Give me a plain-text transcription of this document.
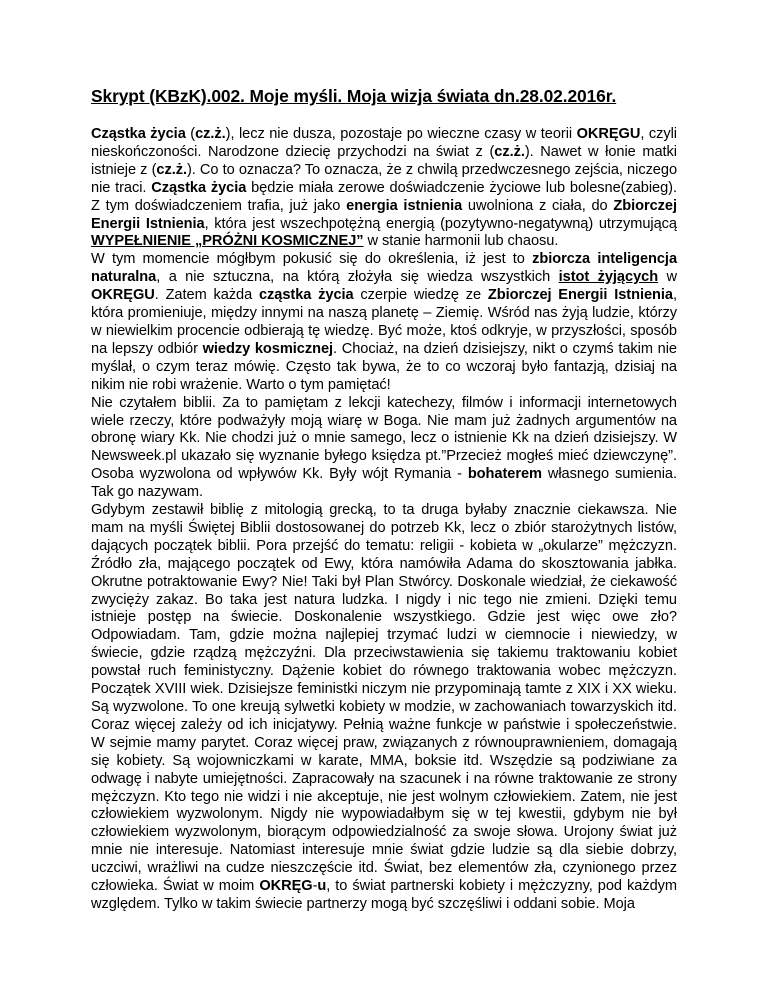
Skrypt (KBzK).002. Moje myśli. Moja wizja świata dn.28.02.2016r.

Cząstka życia (cz.ż.), lecz nie dusza, pozostaje po wieczne czasy w teorii OKRĘGU, czyli nieskończoności. Narodzone dziecię przychodzi na świat z (cz.ż.). Nawet w łonie matki istnieje z (cz.ż.). Co to oznacza? To oznacza, że z chwilą przedwczesnego zejścia, niczego nie traci. Cząstka życia będzie miała zerowe doświadczenie życiowe lub bolesne(zabieg). Z tym doświadczeniem trafia, już jako energia istnienia uwolniona z ciała, do Zbiorczej Energii Istnienia, która jest wszechpotężną energią (pozytywno-negatywną) utrzymującą WYPEŁNIENIE „PRÓŻNI KOSMICZNEJ” w stanie harmonii lub chaosu.

W tym momencie mógłbym pokusić się do określenia, iż jest to zbiorcza inteligencja naturalna, a nie sztuczna, na którą złożyła się wiedza wszystkich istot żyjących w OKRĘGU. Zatem każda cząstka życia czerpie wiedzę ze Zbiorczej Energii Istnienia, która promieniuje, między innymi na naszą planetę – Ziemię. Wśród nas żyją ludzie, którzy w niewielkim procencie odbierają tę wiedzę. Być może, ktoś odkryje, w przyszłości, sposób na lepszy odbiór wiedzy kosmicznej. Chociaż, na dzień dzisiejszy, nikt o czymś takim nie myślał, o czym teraz mówię. Często tak bywa, że to co wczoraj było fantazją, dzisiaj na nikim nie robi wrażenie. Warto o tym pamiętać!

Nie czytałem biblii. Za to pamiętam z lekcji katechezy, filmów i informacji internetowych wiele rzeczy, które podważyły moją wiarę w Boga. Nie mam już żadnych argumentów na obronę wiary Kk. Nie chodzi już o mnie samego, lecz o istnienie Kk na dzień dzisiejszy. W Newsweek.pl ukazało się wyznanie byłego księdza pt.”Przecież mogłeś mieć dziewczynę”. Osoba wyzwolona od wpływów Kk. Były wójt Rymania - bohaterem własnego sumienia. Tak go nazywam.

Gdybym zestawił biblię z mitologią grecką, to ta druga byłaby znacznie ciekawsza. Nie mam na myśli Świętej Biblii dostosowanej do potrzeb Kk, lecz o zbiór starożytnych listów, dających początek biblii. Pora przejść do tematu: religii - kobieta w „okularze” mężczyzn. Źródło zła, mającego początek od Ewy, która namówiła Adama do skosztowania jabłka. Okrutne potraktowanie Ewy? Nie! Taki był Plan Stwórcy. Doskonale wiedział, że ciekawość zwycięży zakaz. Bo taka jest natura ludzka. I nigdy i nic tego nie zmieni. Dzięki temu istnieje postęp na świecie. Doskonalenie wszystkiego. Gdzie jest więc owe zło? Odpowiadam. Tam, gdzie można najlepiej trzymać ludzi w ciemnocie i niewiedzy, w świecie, gdzie rządzą mężczyźni. Dla przeciwstawienia się takiemu traktowaniu kobiet powstał ruch feministyczny. Dążenie kobiet do równego traktowania wobec mężczyzn. Początek XVIII wiek. Dzisiejsze feministki niczym nie przypominają tamte z XIX i XX wieku. Są wyzwolone. To one kreują sylwetki kobiety w modzie, w zachowaniach towarzyskich itd. Coraz więcej zależy od ich inicjatywy. Pełnią ważne funkcje w państwie i społeczeństwie. W sejmie mamy parytet. Coraz więcej praw, związanych z równouprawnieniem, domagają się kobiety. Są wojowniczkami w karate, MMA, boksie itd. Wszędzie są podziwiane za odwagę i nabyte umiejętności. Zapracowały na szacunek i na równe traktowanie ze strony mężczyzn. Kto tego nie widzi i nie akceptuje, nie jest wolnym człowiekiem. Zatem, nie jest człowiekiem wyzwolonym. Nigdy nie wypowiadałbym się w tej kwestii, gdybym nie był człowiekiem wyzwolonym, biorącym odpowiedzialność za swoje słowa. Urojony świat już mnie nie interesuje. Natomiast interesuje mnie świat gdzie ludzie są dla siebie dobrzy, uczciwi, wrażliwi na cudze nieszczęście itd. Świat, bez elementów zła, czynionego przez człowieka. Świat w moim OKRĘG-u, to świat partnerski kobiety i mężczyzny, pod każdym względem. Tylko w takim świecie partnerzy mogą być szczęśliwi i oddani sobie. Moja
